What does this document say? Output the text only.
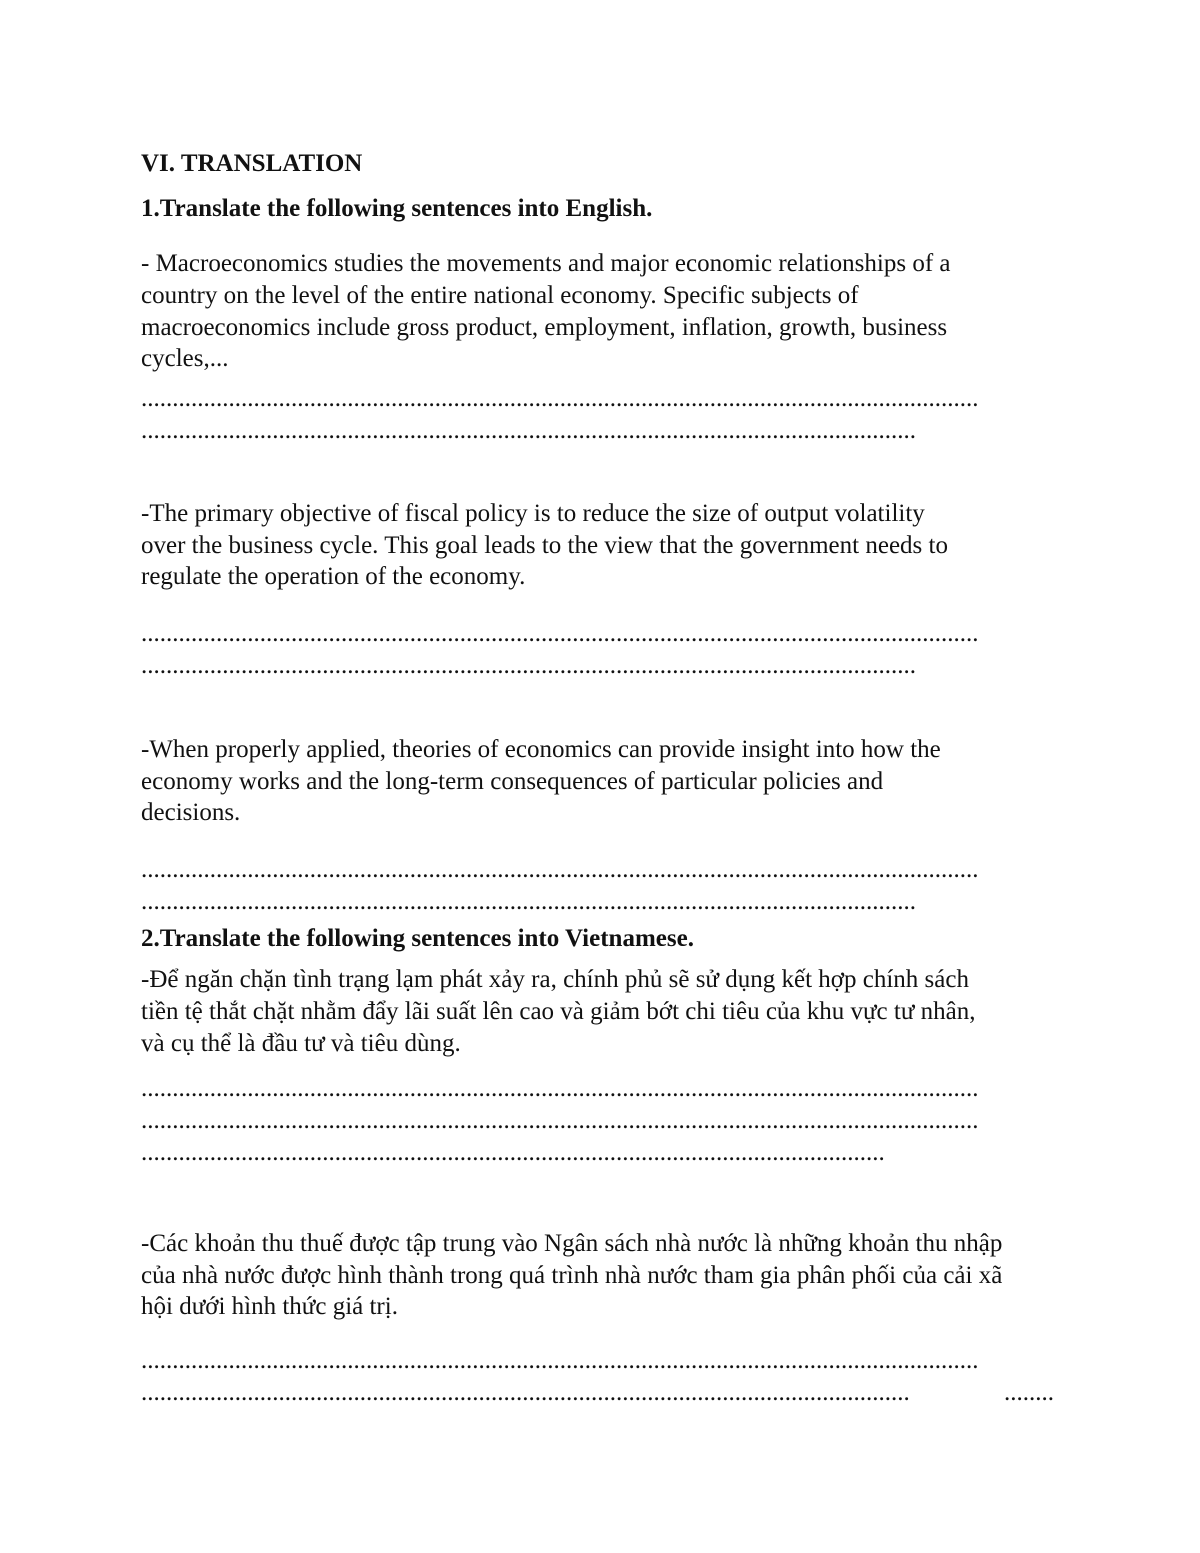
VI. TRANSLATION
1.Translate the following sentences into English.
- Macroeconomics studies the movements and major economic relationships of a
country on the level of the entire national economy. Specific subjects of
macroeconomics include gross product, employment, inflation, growth, business
cycles,...
......................................................................................................................................
............................................................................................................................
-The primary objective of fiscal policy is to reduce the size of output volatility
over the business cycle. This goal leads to the view that the government needs to
regulate the operation of the economy.
......................................................................................................................................
............................................................................................................................
-When properly applied, theories of economics can provide insight into how the
economy works and the long-term consequences of particular policies and
decisions.
......................................................................................................................................
............................................................................................................................
2.Translate the following sentences into Vietnamese.
-Để ngăn chặn tình trạng lạm phát xảy ra, chính phủ sẽ sử dụng kết hợp chính sách
tiền tệ thắt chặt nhằm đẩy lãi suất lên cao và giảm bớt chi tiêu của khu vực tư nhân,
và cụ thể là đầu tư và tiêu dùng.
......................................................................................................................................
......................................................................................................................................
.......................................................................................................................
-Các khoản thu thuế được tập trung vào Ngân sách nhà nước là những khoản thu nhập
của nhà nước được hình thành trong quá trình nhà nước tham gia phân phối của cải xã
hội dưới hình thức giá trị.
......................................................................................................................................
...........................................................................................................................	........
